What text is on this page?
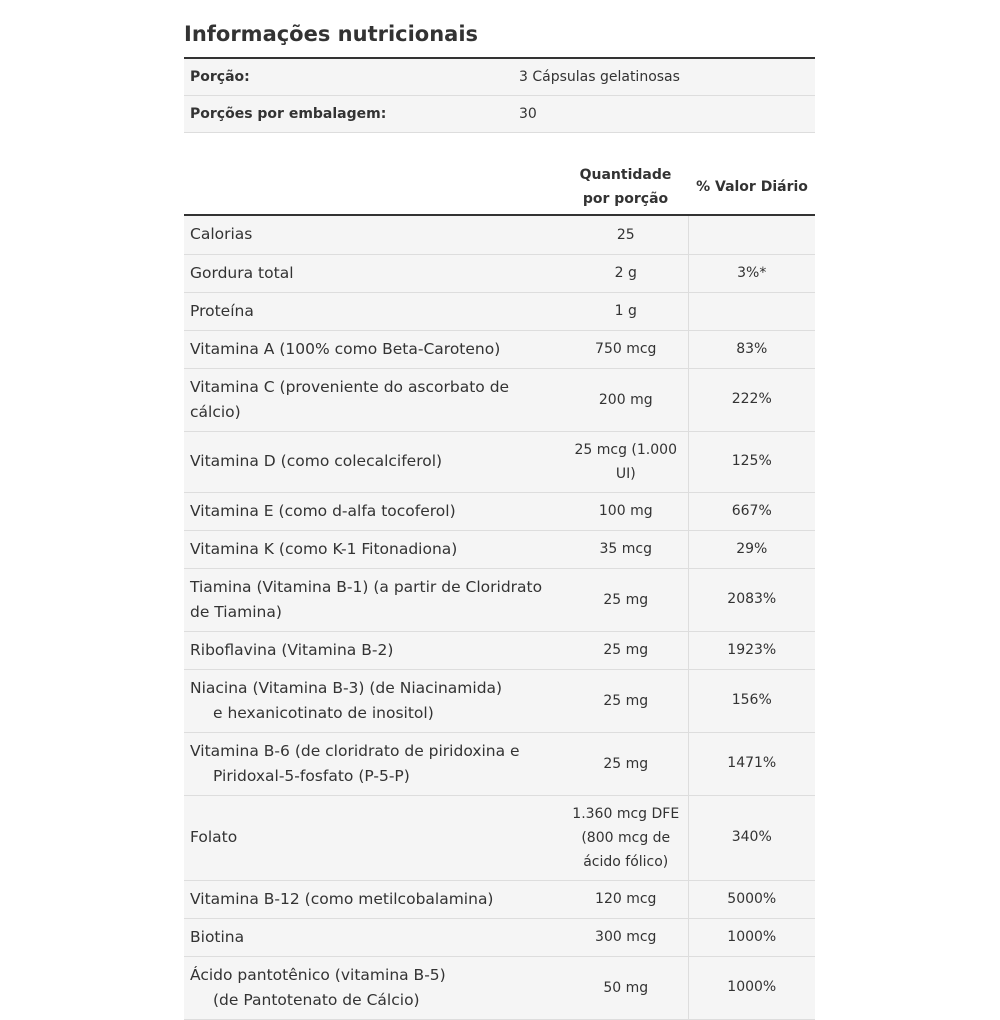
Informações nutricionais
Porção:	3 Cápsulas gelatinosas
Porções por embalagem:	30
Quantidade por porção
% Valor Diário
Calorias	25	
Gordura total	2 g	3%*
Proteína	1 g	
Vitamina A (100% como Beta-Caroteno)	750 mcg	83%
Vitamina C (proveniente do ascorbato de cálcio)	200 mg	222%
Vitamina D (como colecalciferol)	25 mcg (1.000 UI)	125%
Vitamina E (como d-alfa tocoferol)	100 mg	667%
Vitamina K (como K-1 Fitonadiona)	35 mcg	29%
Tiamina (Vitamina B-1) (a partir de Cloridrato
de Tiamina)	25 mg	2083%
Riboflavina (Vitamina B-2)	25 mg	1923%
Niacina (Vitamina B-3) (de Niacinamida)
e hexanicotinato de inositol)	25 mg	156%
Vitamina B-6 (de cloridrato de piridoxina e
Piridoxal-5-fosfato (P-5-P)	25 mg	1471%
Folato	1.360 mcg DFE (800 mcg de ácido fólico)	340%
Vitamina B-12 (como metilcobalamina)	120 mcg	5000%
Biotina	300 mcg	1000%
Ácido pantotênico (vitamina B-5)
(de Pantotenato de Cálcio)	50 mg	1000%
